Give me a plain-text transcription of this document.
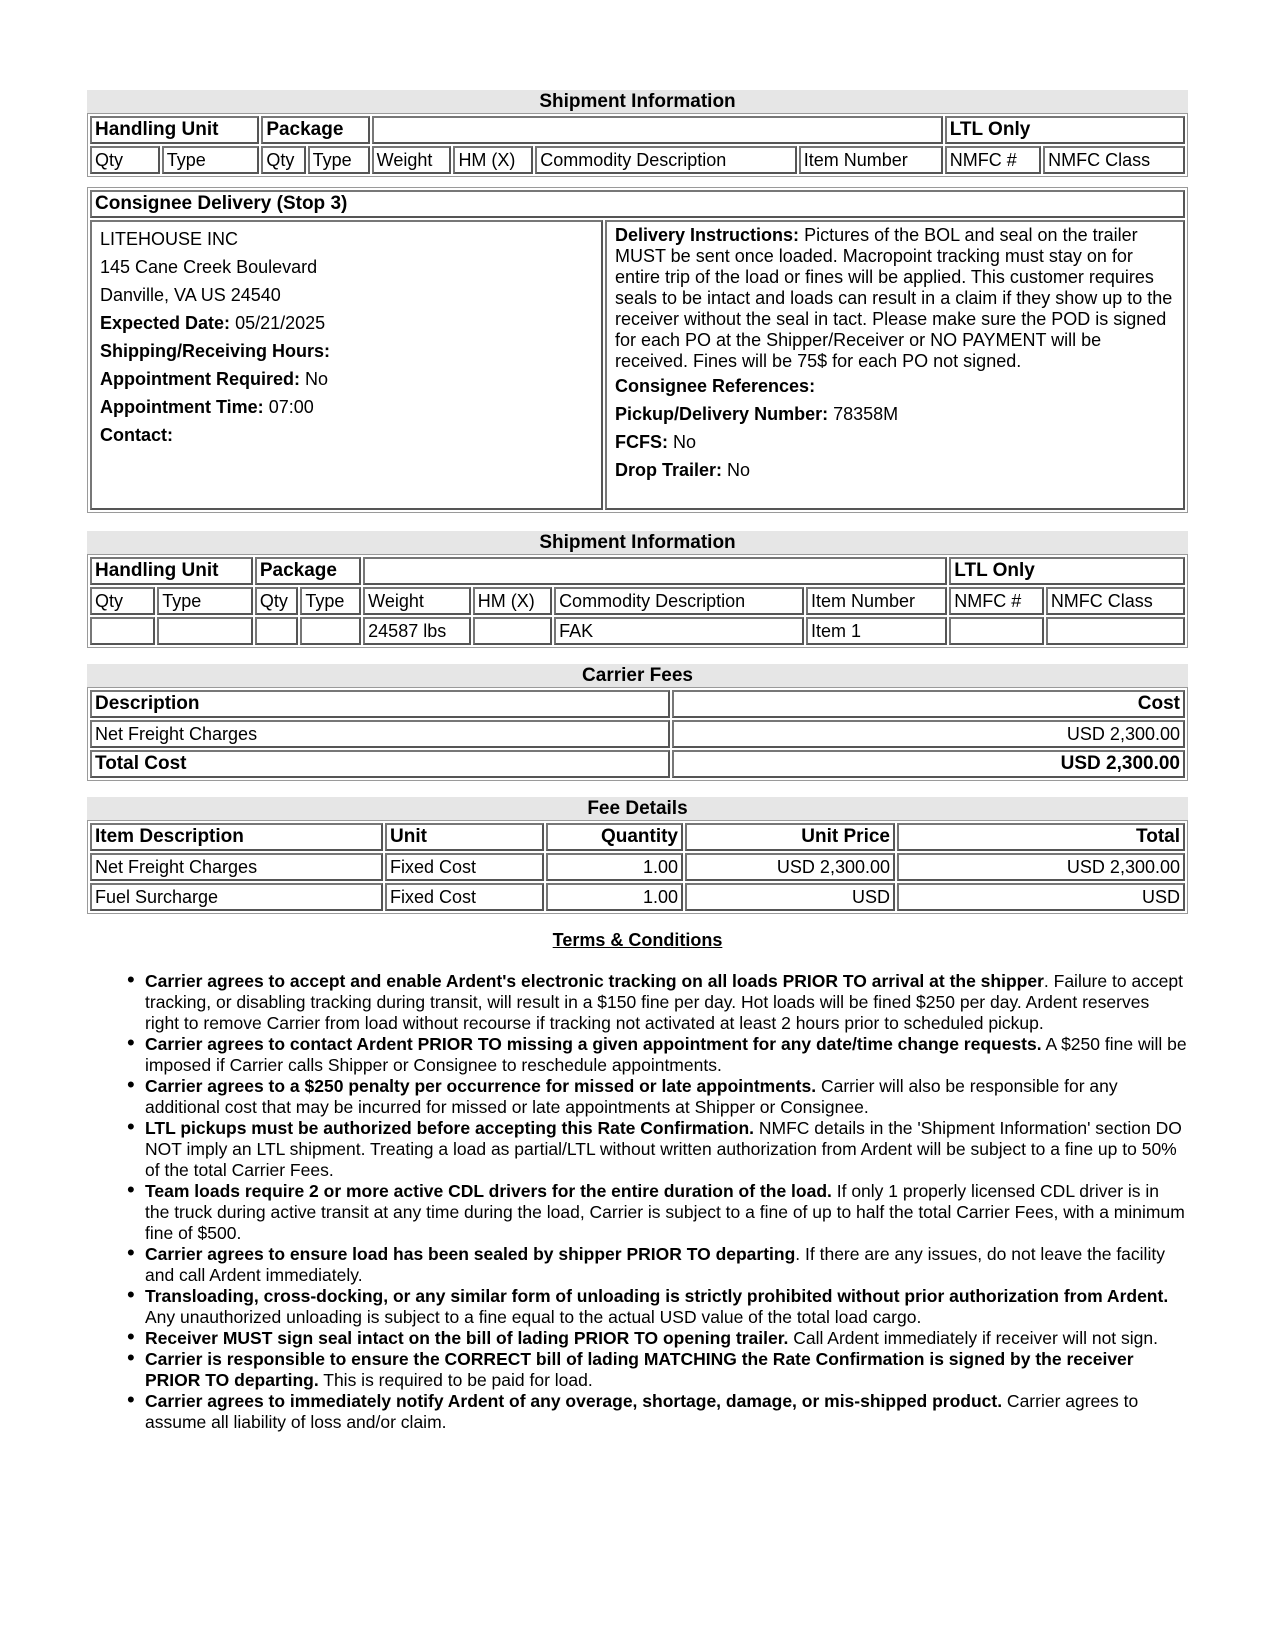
Shipment Information
Handling Unit		Package						LTL Only	
Qty	Type	Qty	Type	Weight	HM (X)	Commodity Description	Item Number	NMFC #	NMFC Class
Consignee Delivery (Stop 3)

LITEHOUSE INC

145 Cane Creek Boulevard

Danville, VA US 24540

Expected Date: 05/21/2025

Shipping/Receiving Hours:

Appointment Required: No

Appointment Time: 07:00

Contact:

Delivery Instructions: Pictures of the BOL and seal on the trailer MUST be sent once loaded. Macropoint tracking must stay on for entire trip of the load or fines will be applied. This customer requires seals to be intact and loads can result in a claim if they show up to the receiver without the seal in tact. Please make sure the POD is signed for each PO at the Shipper/Receiver or NO PAYMENT will be received. Fines will be 75$ for each PO not signed.

Consignee References:

Pickup/Delivery Number: 78358M

FCFS: No

Drop Trailer: No

Shipment Information
Handling Unit		Package						LTL Only	
Qty	Type	Qty	Type	Weight	HM (X)	Commodity Description	Item Number	NMFC #	NMFC Class
				24587 lbs		FAK	Item 1		
Carrier Fees
Description	Cost
Net Freight Charges	USD 2,300.00
Total Cost	USD 2,300.00
Fee Details
Item Description	Unit	Quantity	Unit Price	Total
Net Freight Charges	Fixed Cost	1.00	USD 2,300.00	USD 2,300.00
Fuel Surcharge	Fixed Cost	1.00	USD	USD
Terms & Conditions
• Carrier agrees to accept and enable Ardent's electronic tracking on all loads PRIOR TO arrival at the shipper. Failure to accept tracking, or disabling tracking during transit, will result in a $150 fine per day. Hot loads will be fined $250 per day. Ardent reserves right to remove Carrier from load without recourse if tracking not activated at least 2 hours prior to scheduled pickup.
• Carrier agrees to contact Ardent PRIOR TO missing a given appointment for any date/time change requests. A $250 fine will be imposed if Carrier calls Shipper or Consignee to reschedule appointments.
• Carrier agrees to a $250 penalty per occurrence for missed or late appointments. Carrier will also be responsible for any additional cost that may be incurred for missed or late appointments at Shipper or Consignee.
• LTL pickups must be authorized before accepting this Rate Confirmation. NMFC details in the 'Shipment Information' section DO NOT imply an LTL shipment. Treating a load as partial/LTL without written authorization from Ardent will be subject to a fine up to 50% of the total Carrier Fees.
• Team loads require 2 or more active CDL drivers for the entire duration of the load. If only 1 properly licensed CDL driver is in the truck during active transit at any time during the load, Carrier is subject to a fine of up to half the total Carrier Fees, with a minimum fine of $500.
• Carrier agrees to ensure load has been sealed by shipper PRIOR TO departing. If there are any issues, do not leave the facility and call Ardent immediately.
• Transloading, cross-docking, or any similar form of unloading is strictly prohibited without prior authorization from Ardent. Any unauthorized unloading is subject to a fine equal to the actual USD value of the total load cargo.
• Receiver MUST sign seal intact on the bill of lading PRIOR TO opening trailer. Call Ardent immediately if receiver will not sign.
• Carrier is responsible to ensure the CORRECT bill of lading MATCHING the Rate Confirmation is signed by the receiver PRIOR TO departing. This is required to be paid for load.
• Carrier agrees to immediately notify Ardent of any overage, shortage, damage, or mis-shipped product. Carrier agrees to assume all liability of loss and/or claim.
